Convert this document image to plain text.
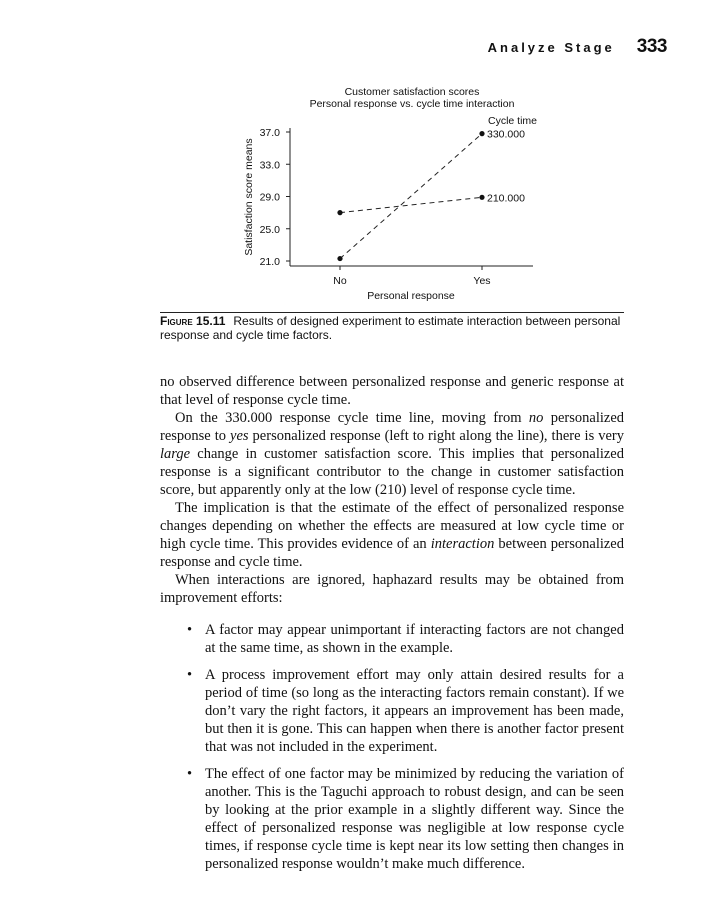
Analyze Stage 333
Customer satisfaction scores
Personal response vs. cycle time interaction
Cycle time
Satisfaction score means
Personal response
37.0
33.0
29.0
25.0
21.0
No	Yes
330.000
210.000
Figure 15.11 Results of designed experiment to estimate interaction between personal response and cycle time factors.

no observed difference between personalized response and generic response at that level of response cycle time.

On the 330.000 response cycle time line, moving from no personalized response to yes personalized response (left to right along the line), there is very large change in customer satisfaction score. This implies that personalized response is a significant contributor to the change in customer satisfaction score, but apparently only at the low (210) level of response cycle time.

The implication is that the estimate of the effect of personalized response changes depending on whether the effects are measured at low cycle time or high cycle time. This provides evidence of an interaction between personalized response and cycle time.

When interactions are ignored, haphazard results may be obtained from improvement efforts:

• A factor may appear unimportant if interacting factors are not changed at the same time, as shown in the example.
• A process improvement effort may only attain desired results for a period of time (so long as the interacting factors remain constant). If we don’t vary the right factors, it appears an improvement has been made, but then it is gone. This can happen when there is another factor present that was not included in the experiment.
• The effect of one factor may be minimized by reducing the variation of another. This is the Taguchi approach to robust design, and can be seen by looking at the prior example in a slightly different way. Since the effect of personalized response was negligible at low response cycle times, if response cycle time is kept near its low setting then changes in personalized response wouldn’t make much difference.
